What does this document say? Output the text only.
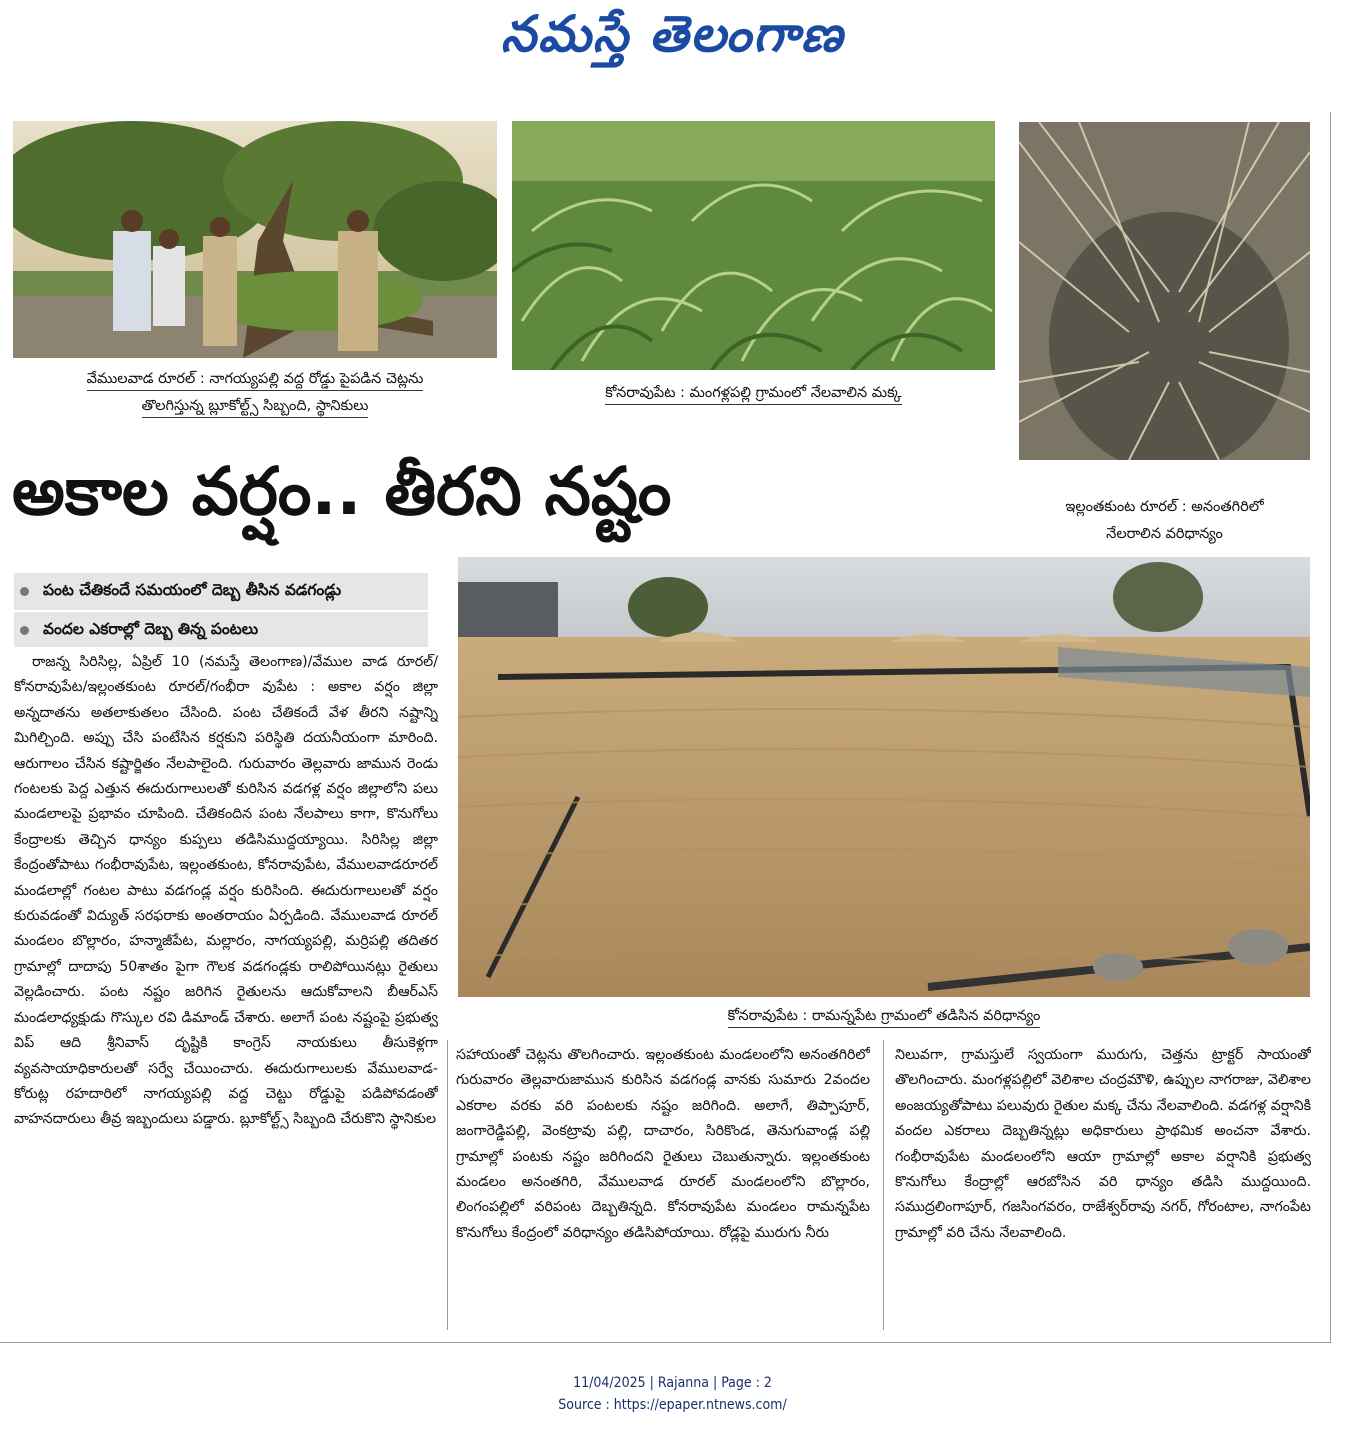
నమస్తే తెలంగాణ
వేములవాడ రూరల్ : నాగయ్యపల్లి వద్ద రోడ్డు పైపడిన చెట్లను తొలగిస్తున్న బ్లూకోల్ట్స్ సిబ్బంది, స్థానికులు
కోనరావుపేట : మంగళ్లపల్లి గ్రామంలో నేలవాలిన మక్క
ఇల్లంతకుంట రూరల్ : అనంతగిరిలో
నేలరాలిన వరిధాన్యం
అకాల వర్షం.. తీరని నష్టం
పంట చేతికందే సమయంలో దెబ్బ తీసిన వడగండ్లు
వందల ఎకరాల్లో దెబ్బ తిన్న పంటలు
కోనరావుపేట : రామన్నపేట గ్రామంలో తడిసిన వరిధాన్యం

రాజన్న సిరిసిల్ల, ఏప్రిల్ 10 (నమస్తే తెలంగాణ)/వేముల వాడ రూరల్/కోనరావుపేట/ఇల్లంతకుంట రూరల్/గంభీరా వుపేట : అకాల వర్షం జిల్లా అన్నదాతను అతలాకుతలం చేసింది. పంట చేతికందే వేళ తీరని నష్టాన్ని మిగిల్చింది. అప్పు చేసి పంటేసిన కర్షకుని పరిస్థితి దయనీయంగా మారింది. ఆరుగాలం చేసిన కష్టార్జితం నేలపాలైంది. గురువారం తెల్లవారు జామున రెండు గంటలకు పెద్ద ఎత్తున ఈదురుగాలులతో కురిసిన వడగళ్ల వర్షం జిల్లాలోని పలు మండలాలపై ప్రభావం చూపింది. చేతికందిన పంట నేలపాలు కాగా, కొనుగోలు కేంద్రాలకు తెచ్చిన ధాన్యం కుప్పలు తడిసిముద్దయ్యాయి. సిరిసిల్ల జిల్లా కేంద్రంతోపాటు గంభీరావుపేట, ఇల్లంతకుంట, కోనరావుపేట, వేములవాడరూరల్ మండలాల్లో గంటల పాటు వడగండ్ల వర్షం కురిసింది. ఈదురుగాలులతో వర్షం కురువడంతో విద్యుత్ సరఫరాకు అంతరాయం ఏర్పడింది. వేములవాడ రూరల్ మండలం బొల్లారం, హన్మాజీపేట, మల్లారం, నాగయ్యపల్లి, మర్రిపల్లి తదితర గ్రామాల్లో దాదాపు 50శాతం పైగా గౌలక వడగండ్లకు రాలిపోయినట్లు రైతులు వెల్లడించారు. పంట నష్టం జరిగిన రైతులను ఆదుకోవాలని బీఆర్ఎస్ మండలాధ్యక్షుడు గొస్కుల రవి డిమాండ్ చేశారు. అలాగే పంట నష్టంపై ప్రభుత్వ విప్ ఆది శ్రీనివాస్ దృష్టికి కాంగ్రెస్ నాయకులు తీసుకెళ్లగా వ్యవసాయాధికారులతో సర్వే చేయించారు. ఈదురుగాలులకు వేములవాడ-కోరుట్ల రహదారిలో నాగయ్యపల్లి వద్ద చెట్టు రోడ్డుపై పడిపోవడంతో వాహనదారులు తీవ్ర ఇబ్బందులు పడ్డారు. బ్లూకోల్ట్స్ సిబ్బంది చేరుకొని స్థానికుల

సహాయంతో చెట్లను తొలగించారు. ఇల్లంతకుంట మండలంలోని అనంతగిరిలో గురువారం తెల్లవారుజామున కురిసిన వడగండ్ల వానకు సుమారు 2వందల ఎకరాల వరకు వరి పంటలకు నష్టం జరిగింది. అలాగే, తిప్పాపూర్, జంగారెడ్డిపల్లి, వెంకట్రావు పల్లి, దాచారం, సిరికొండ, తెనుగువాండ్ల పల్లి గ్రామాల్లో పంటకు నష్టం జరిగిందని రైతులు చెబుతున్నారు. ఇల్లంతకుంట మండలం అనంతగిరి, వేములవాడ రూరల్ మండలంలోని బొల్లారం, లింగంపల్లిలో వరిపంట దెబ్బతిన్నది. కోనరావుపేట మండలం రామన్నపేట కొనుగోలు కేంద్రంలో వరిధాన్యం తడిసిపోయాయి. రోడ్లపై మురుగు నీరు

నిలువగా, గ్రామస్తులే స్వయంగా మురుగు, చెత్తను ట్రాక్టర్ సాయంతో తొలగించారు. మంగళ్లపల్లిలో వెలిశాల చంద్రమౌళి, ఉప్పుల నాగరాజు, వెలిశాల అంజయ్యతోపాటు పలువురు రైతుల మక్క చేను నేలవాలింది. వడగళ్ల వర్షానికి వందల ఎకరాలు దెబ్బతిన్నట్లు అధికారులు ప్రాథమిక అంచనా వేశారు. గంభీరావుపేట మండలంలోని ఆయా గ్రామాల్లో అకాల వర్షానికి ప్రభుత్వ కొనుగోలు కేంద్రాల్లో ఆరబోసిన వరి ధాన్యం తడిసి ముద్దయింది. సముద్రలింగాపూర్, గజసింగవరం, రాజేశ్వర్‌రావు నగర్, గోరంటాల, నాగంపేట గ్రామాల్లో వరి చేను నేలవాలింది.

11/04/2025 | Rajanna | Page : 2
Source : https://epaper.ntnews.com/
